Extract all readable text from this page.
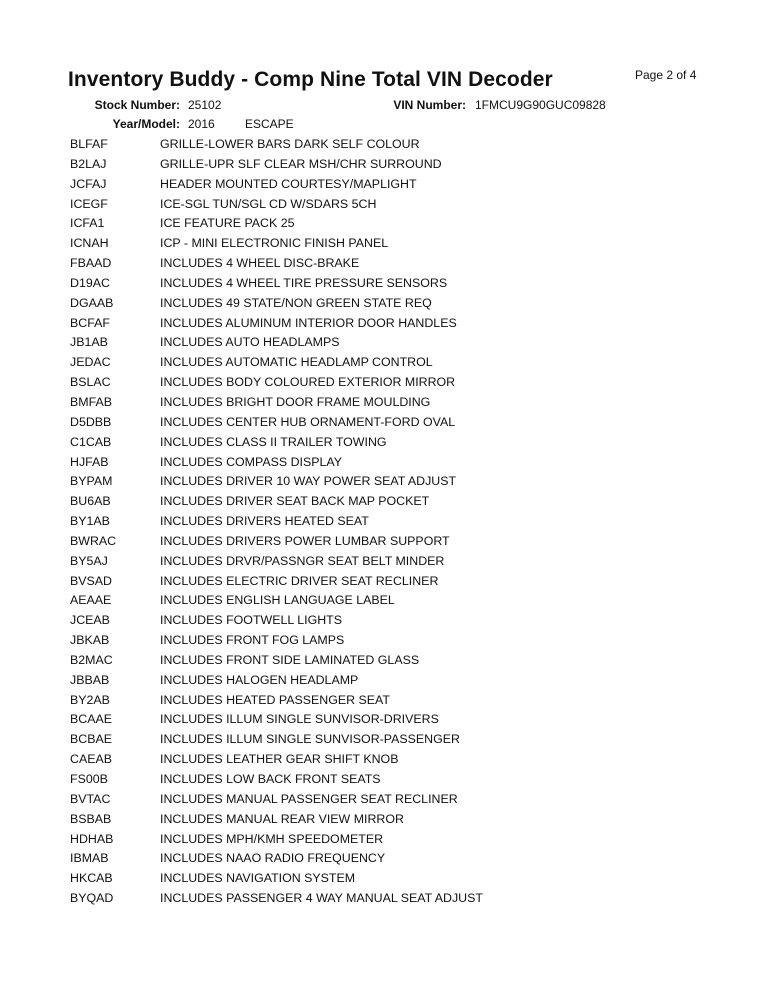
Inventory Buddy - Comp Nine Total VIN Decoder	Page 2 of 4
Stock Number: 25102	VIN Number: 1FMCU9G90GUC09828
Year/Model: 2016	ESCAPE
BLFAF	GRILLE-LOWER BARS DARK SELF COLOUR
B2LAJ	GRILLE-UPR SLF CLEAR MSH/CHR SURROUND
JCFAJ	HEADER MOUNTED COURTESY/MAPLIGHT
ICEGF	ICE-SGL TUN/SGL CD W/SDARS 5CH
ICFA1	ICE FEATURE PACK 25
ICNAH	ICP - MINI ELECTRONIC FINISH PANEL
FBAAD	INCLUDES 4 WHEEL DISC-BRAKE
D19AC	INCLUDES 4 WHEEL TIRE PRESSURE SENSORS
DGAAB	INCLUDES 49 STATE/NON GREEN STATE REQ
BCFAF	INCLUDES ALUMINUM INTERIOR DOOR HANDLES
JB1AB	INCLUDES AUTO HEADLAMPS
JEDAC	INCLUDES AUTOMATIC HEADLAMP CONTROL
BSLAC	INCLUDES BODY COLOURED EXTERIOR MIRROR
BMFAB	INCLUDES BRIGHT DOOR FRAME MOULDING
D5DBB	INCLUDES CENTER HUB ORNAMENT-FORD OVAL
C1CAB	INCLUDES CLASS II TRAILER TOWING
HJFAB	INCLUDES COMPASS DISPLAY
BYPAM	INCLUDES DRIVER 10 WAY POWER SEAT ADJUST
BU6AB	INCLUDES DRIVER SEAT BACK MAP POCKET
BY1AB	INCLUDES DRIVERS HEATED SEAT
BWRAC	INCLUDES DRIVERS POWER LUMBAR SUPPORT
BY5AJ	INCLUDES DRVR/PASSNGR SEAT BELT MINDER
BVSAD	INCLUDES ELECTRIC DRIVER SEAT RECLINER
AEAAE	INCLUDES ENGLISH LANGUAGE LABEL
JCEAB	INCLUDES FOOTWELL LIGHTS
JBKAB	INCLUDES FRONT FOG LAMPS
B2MAC	INCLUDES FRONT SIDE LAMINATED GLASS
JBBAB	INCLUDES HALOGEN HEADLAMP
BY2AB	INCLUDES HEATED PASSENGER SEAT
BCAAE	INCLUDES ILLUM SINGLE SUNVISOR-DRIVERS
BCBAE	INCLUDES ILLUM SINGLE SUNVISOR-PASSENGER
CAEAB	INCLUDES LEATHER GEAR SHIFT KNOB
FS00B	INCLUDES LOW BACK FRONT SEATS
BVTAC	INCLUDES MANUAL PASSENGER SEAT RECLINER
BSBAB	INCLUDES MANUAL REAR VIEW MIRROR
HDHAB	INCLUDES MPH/KMH SPEEDOMETER
IBMAB	INCLUDES NAAO RADIO FREQUENCY
HKCAB	INCLUDES NAVIGATION SYSTEM
BYQAD	INCLUDES PASSENGER 4 WAY MANUAL SEAT ADJUST
